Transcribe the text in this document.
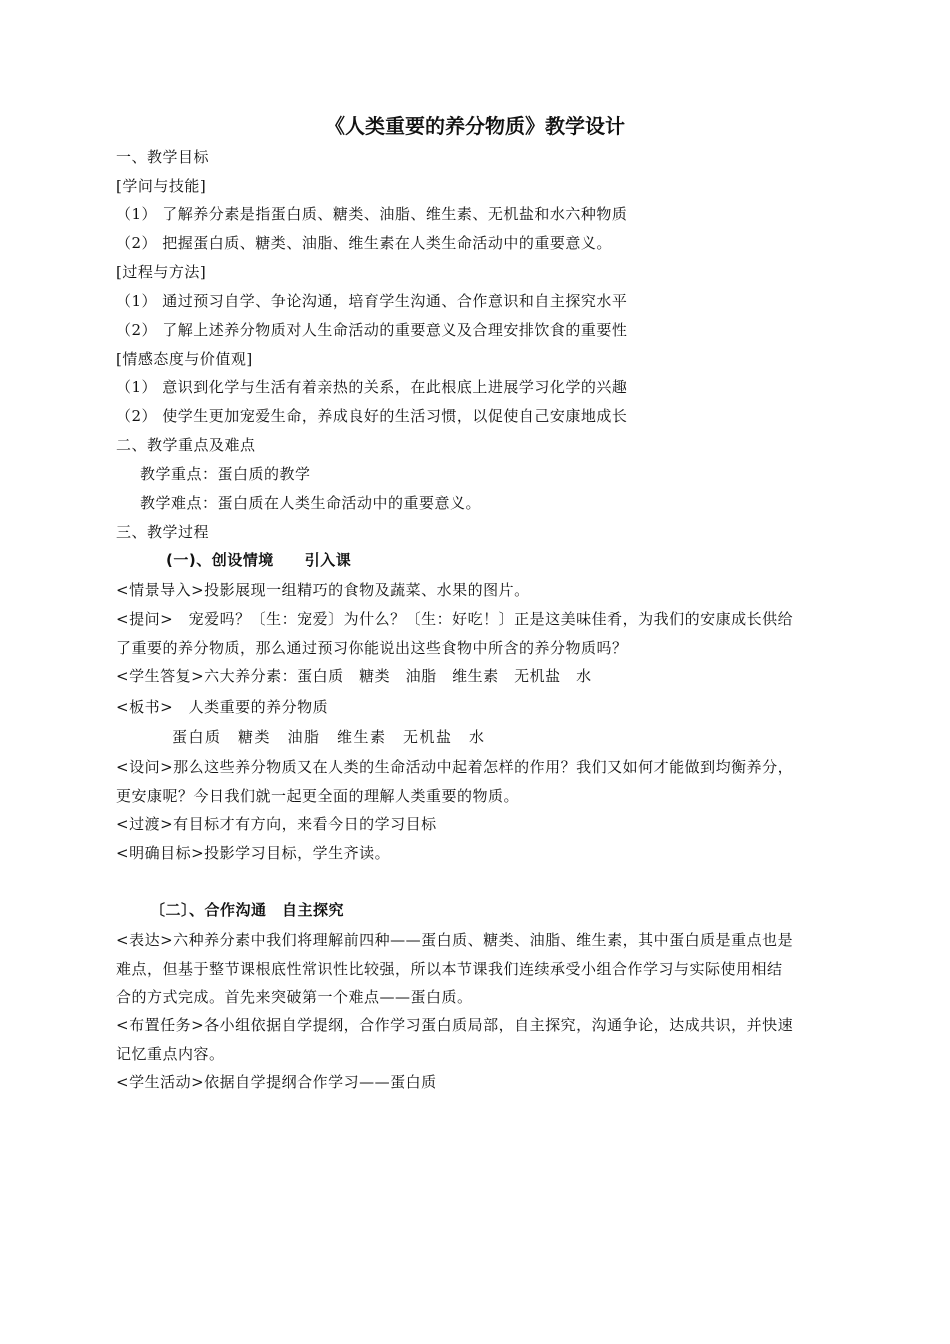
《人类重要的养分物质》教学设计
一、教学目标
[学问与技能]
（1） 了解养分素是指蛋白质、糖类、油脂、维生素、无机盐和水六种物质
（2） 把握蛋白质、糖类、油脂、维生素在人类生命活动中的重要意义。
[过程与方法]
（1） 通过预习自学、争论沟通，培育学生沟通、合作意识和自主探究水平
（2） 了解上述养分物质对人生命活动的重要意义及合理安排饮食的重要性
[情感态度与价值观]
（1） 意识到化学与生活有着亲热的关系，在此根底上进展学习化学的兴趣
（2） 使学生更加宠爱生命，养成良好的生活习惯，以促使自己安康地成长
二、教学重点及难点
教学重点：蛋白质的教学
教学难点：蛋白质在人类生命活动中的重要意义。
三、教学过程
(一)、创设情境　　引入课
<情景导入>投影展现一组精巧的食物及蔬菜、水果的图片。
<提问>　宠爱吗？〔生：宠爱〕为什么？〔生：好吃！〕正是这美味佳肴，为我们的安康成长供给
了重要的养分物质，那么通过预习你能说出这些食物中所含的养分物质吗？
<学生答复>六大养分素：蛋白质　糖类　油脂　维生素　无机盐　水
<板书>　人类重要的养分物质
蛋白质　糖类　油脂　维生素　无机盐　水
<设问>那么这些养分物质又在人类的生命活动中起着怎样的作用？我们又如何才能做到均衡养分，
更安康呢？今日我们就一起更全面的理解人类重要的物质。
<过渡>有目标才有方向，来看今日的学习目标
<明确目标>投影学习目标，学生齐读。
〔二〕、合作沟通　自主探究
<表达>六种养分素中我们将理解前四种——蛋白质、糖类、油脂、维生素，其中蛋白质是重点也是
难点，但基于整节课根底性常识性比较强，所以本节课我们连续承受小组合作学习与实际使用相结
合的方式完成。首先来突破第一个难点——蛋白质。
<布置任务>各小组依据自学提纲，合作学习蛋白质局部，自主探究，沟通争论，达成共识，并快速
记忆重点内容。
<学生活动>依据自学提纲合作学习——蛋白质
